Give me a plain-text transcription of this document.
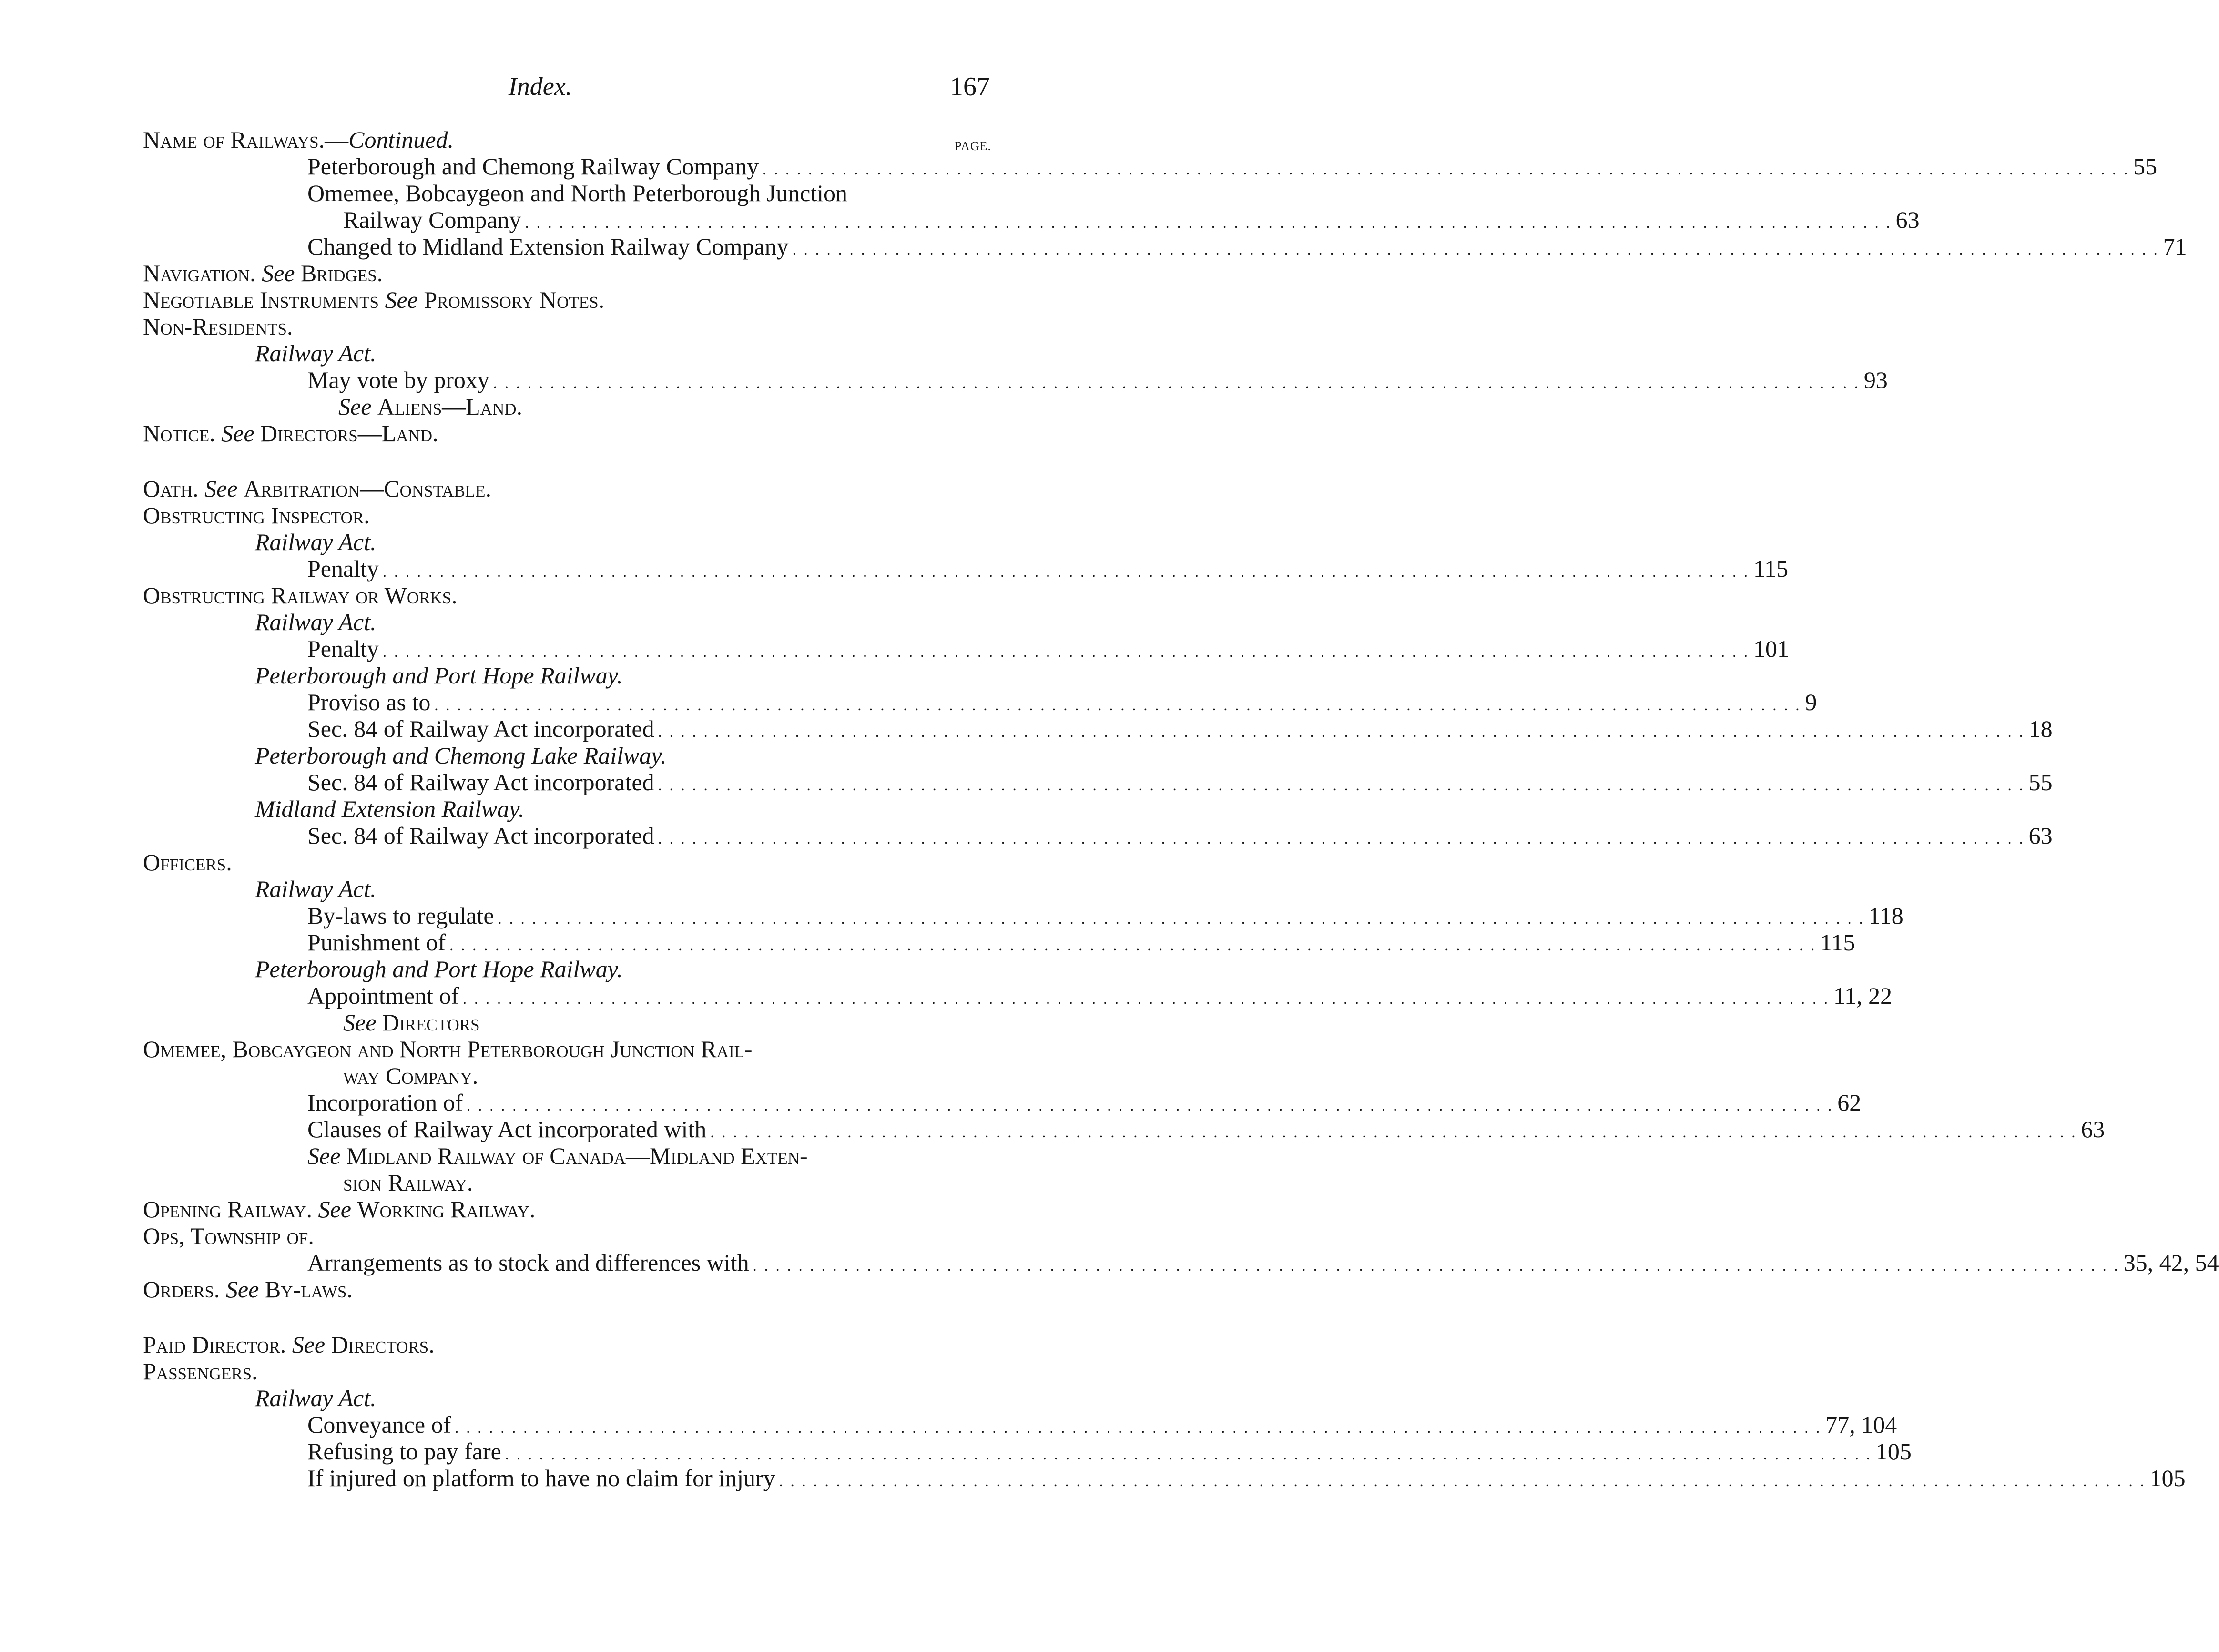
Index.	167
Name of Railways.—Continued.	PAGE.
Peterborough and Chemong Railway Company . . . . . . . . . . . . . . . . . . . . . . . . . . . . . . . . . . . . . . . . . . . . . . . . . . . . . . . . . . . . . . . . . . . . . . . . . . . . . . . . . . . . . . . . . . . . . . . . . . . . . . . . . . . . . . . . . . . . . . . . 55
Omemee, Bobcaygeon and North Peterborough Junction
Railway Company . . . . . . . . . . . . . . . . . . . . . . . . . . . . . . . . . . . . . . . . . . . . . . . . . . . . . . . . . . . . . . . . . . . . . . . . . . . . . . . . . . . . . . . . . . . . . . . . . . . . . . . . . . . . . . . . . . . . . . . . 63
Changed to Midland Extension Railway Company . . . . . . . . . . . . . . . . . . . . . . . . . . . . . . . . . . . . . . . . . . . . . . . . . . . . . . . . . . . . . . . . . . . . . . . . . . . . . . . . . . . . . . . . . . . . . . . . . . . . . . . . . . . . . . . . . . . . . . . . 71
Navigation. See Bridges.
Negotiable Instruments See Promissory Notes.
Non-Residents.
Railway Act.
May vote by proxy . . . . . . . . . . . . . . . . . . . . . . . . . . . . . . . . . . . . . . . . . . . . . . . . . . . . . . . . . . . . . . . . . . . . . . . . . . . . . . . . . . . . . . . . . . . . . . . . . . . . . . . . . . . . . . . . . . . . . . . . 93
See Aliens—Land.
Notice. See Directors—Land.
Oath. See Arbitration—Constable.
Obstructing Inspector.
Railway Act.
Penalty . . . . . . . . . . . . . . . . . . . . . . . . . . . . . . . . . . . . . . . . . . . . . . . . . . . . . . . . . . . . . . . . . . . . . . . . . . . . . . . . . . . . . . . . . . . . . . . . . . . . . . . . . . . . . . . . . . . . . . . . 115
Obstructing Railway or Works.
Railway Act.
Penalty . . . . . . . . . . . . . . . . . . . . . . . . . . . . . . . . . . . . . . . . . . . . . . . . . . . . . . . . . . . . . . . . . . . . . . . . . . . . . . . . . . . . . . . . . . . . . . . . . . . . . . . . . . . . . . . . . . . . . . . . 101
Peterborough and Port Hope Railway.
Proviso as to . . . . . . . . . . . . . . . . . . . . . . . . . . . . . . . . . . . . . . . . . . . . . . . . . . . . . . . . . . . . . . . . . . . . . . . . . . . . . . . . . . . . . . . . . . . . . . . . . . . . . . . . . . . . . . . . . . . . . . . . 9
Sec. 84 of Railway Act incorporated . . . . . . . . . . . . . . . . . . . . . . . . . . . . . . . . . . . . . . . . . . . . . . . . . . . . . . . . . . . . . . . . . . . . . . . . . . . . . . . . . . . . . . . . . . . . . . . . . . . . . . . . . . . . . . . . . . . . . . . . 18
Peterborough and Chemong Lake Railway.
Sec. 84 of Railway Act incorporated . . . . . . . . . . . . . . . . . . . . . . . . . . . . . . . . . . . . . . . . . . . . . . . . . . . . . . . . . . . . . . . . . . . . . . . . . . . . . . . . . . . . . . . . . . . . . . . . . . . . . . . . . . . . . . . . . . . . . . . . 55
Midland Extension Railway.
Sec. 84 of Railway Act incorporated . . . . . . . . . . . . . . . . . . . . . . . . . . . . . . . . . . . . . . . . . . . . . . . . . . . . . . . . . . . . . . . . . . . . . . . . . . . . . . . . . . . . . . . . . . . . . . . . . . . . . . . . . . . . . . . . . . . . . . . . 63
Officers.
Railway Act.
By-laws to regulate . . . . . . . . . . . . . . . . . . . . . . . . . . . . . . . . . . . . . . . . . . . . . . . . . . . . . . . . . . . . . . . . . . . . . . . . . . . . . . . . . . . . . . . . . . . . . . . . . . . . . . . . . . . . . . . . . . . . . . . . 118
Punishment of . . . . . . . . . . . . . . . . . . . . . . . . . . . . . . . . . . . . . . . . . . . . . . . . . . . . . . . . . . . . . . . . . . . . . . . . . . . . . . . . . . . . . . . . . . . . . . . . . . . . . . . . . . . . . . . . . . . . . . . . 115
Peterborough and Port Hope Railway.
Appointment of . . . . . . . . . . . . . . . . . . . . . . . . . . . . . . . . . . . . . . . . . . . . . . . . . . . . . . . . . . . . . . . . . . . . . . . . . . . . . . . . . . . . . . . . . . . . . . . . . . . . . . . . . . . . . . . . . . . . . . . . 11, 22
See Directors
Omemee, Bobcaygeon and North Peterborough Junction Rail-
way Company.
Incorporation of . . . . . . . . . . . . . . . . . . . . . . . . . . . . . . . . . . . . . . . . . . . . . . . . . . . . . . . . . . . . . . . . . . . . . . . . . . . . . . . . . . . . . . . . . . . . . . . . . . . . . . . . . . . . . . . . . . . . . . . . 62
Clauses of Railway Act incorporated with . . . . . . . . . . . . . . . . . . . . . . . . . . . . . . . . . . . . . . . . . . . . . . . . . . . . . . . . . . . . . . . . . . . . . . . . . . . . . . . . . . . . . . . . . . . . . . . . . . . . . . . . . . . . . . . . . . . . . . . . 63
See Midland Railway of Canada—Midland Exten-
sion Railway.
Opening Railway. See Working Railway.
Ops, Township of.
Arrangements as to stock and differences with . . . . . . . . . . . . . . . . . . . . . . . . . . . . . . . . . . . . . . . . . . . . . . . . . . . . . . . . . . . . . . . . . . . . . . . . . . . . . . . . . . . . . . . . . . . . . . . . . . . . . . . . . . . . . . . . . . . . . . . . 35, 42, 54
Orders. See By-laws.
Paid Director. See Directors.
Passengers.
Railway Act.
Conveyance of . . . . . . . . . . . . . . . . . . . . . . . . . . . . . . . . . . . . . . . . . . . . . . . . . . . . . . . . . . . . . . . . . . . . . . . . . . . . . . . . . . . . . . . . . . . . . . . . . . . . . . . . . . . . . . . . . . . . . . . . 77, 104
Refusing to pay fare . . . . . . . . . . . . . . . . . . . . . . . . . . . . . . . . . . . . . . . . . . . . . . . . . . . . . . . . . . . . . . . . . . . . . . . . . . . . . . . . . . . . . . . . . . . . . . . . . . . . . . . . . . . . . . . . . . . . . . . . 105
If injured on platform to have no claim for injury . . . . . . . . . . . . . . . . . . . . . . . . . . . . . . . . . . . . . . . . . . . . . . . . . . . . . . . . . . . . . . . . . . . . . . . . . . . . . . . . . . . . . . . . . . . . . . . . . . . . . . . . . . . . . . . . . . . . . . . . 105
